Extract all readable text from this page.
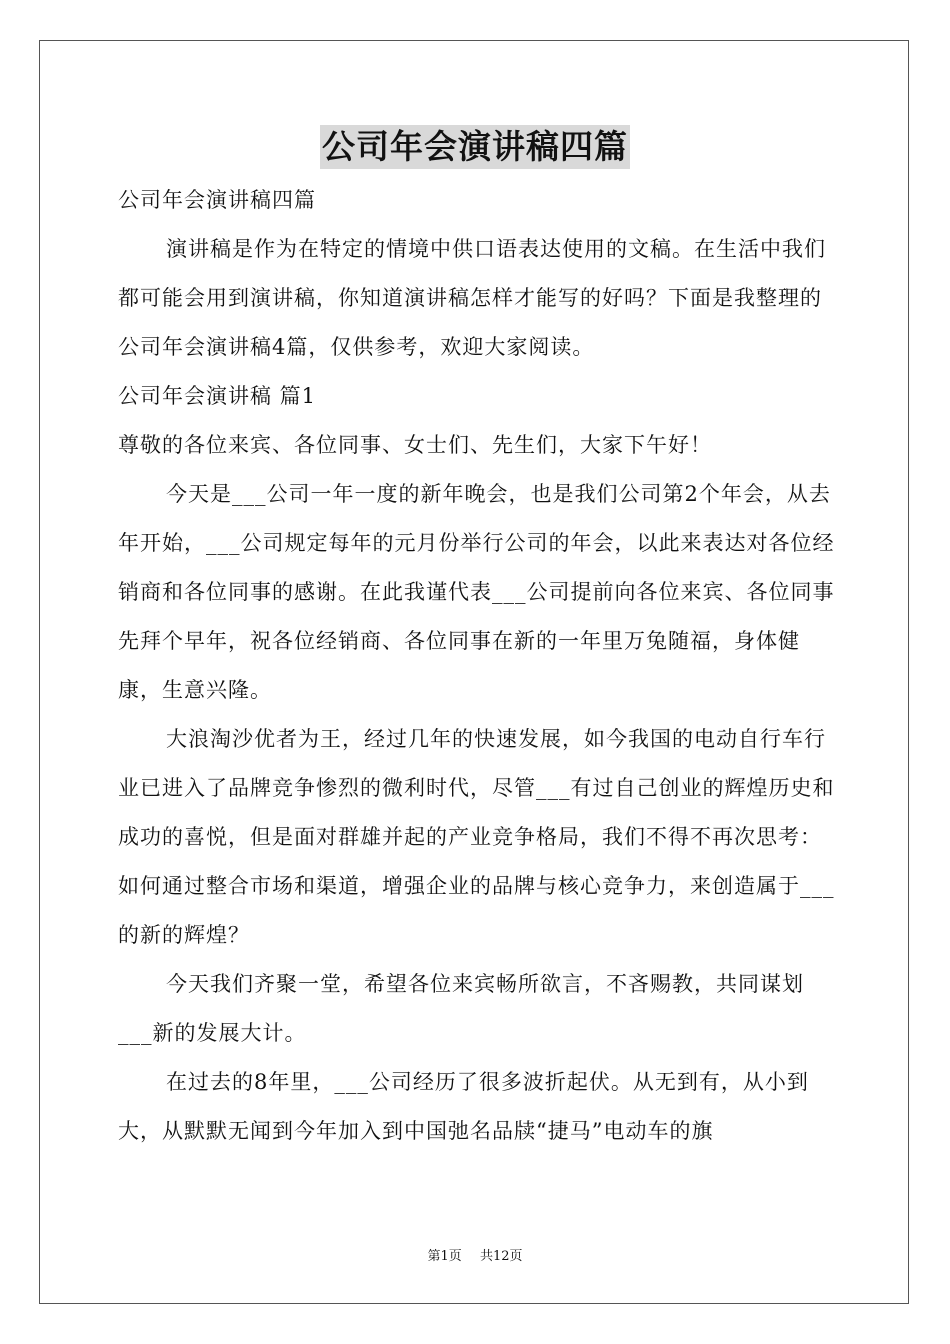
公司年会演讲稿四篇

公司年会演讲稿四篇

演讲稿是作为在特定的情境中供口语表达使用的文稿。在生活中我们都可能会用到演讲稿，你知道演讲稿怎样才能写的好吗？下面是我整理的公司年会演讲稿4篇，仅供参考，欢迎大家阅读。

公司年会演讲稿 篇1

尊敬的各位来宾、各位同事、女士们、先生们，大家下午好！

今天是___公司一年一度的新年晚会，也是我们公司第2个年会，从去年开始，___公司规定每年的元月份举行公司的年会，以此来表达对各位经销商和各位同事的感谢。在此我谨代表___公司提前向各位来宾、各位同事先拜个早年，祝各位经销商、各位同事在新的一年里万兔随福，身体健康，生意兴隆。

大浪淘沙优者为王，经过几年的快速发展，如今我国的电动自行车行业已进入了品牌竞争惨烈的微利时代，尽管___有过自己创业的辉煌历史和成功的喜悦，但是面对群雄并起的产业竞争格局，我们不得不再次思考：如何通过整合市场和渠道，增强企业的品牌与核心竞争力，来创造属于___的新的辉煌？

今天我们齐聚一堂，希望各位来宾畅所欲言，不吝赐教，共同谋划___新的发展大计。

在过去的8年里，___公司经历了很多波折起伏。从无到有，从小到大，从默默无闻到今年加入到中国弛名品牍“捷马”电动车的旗

第1页 共12页
